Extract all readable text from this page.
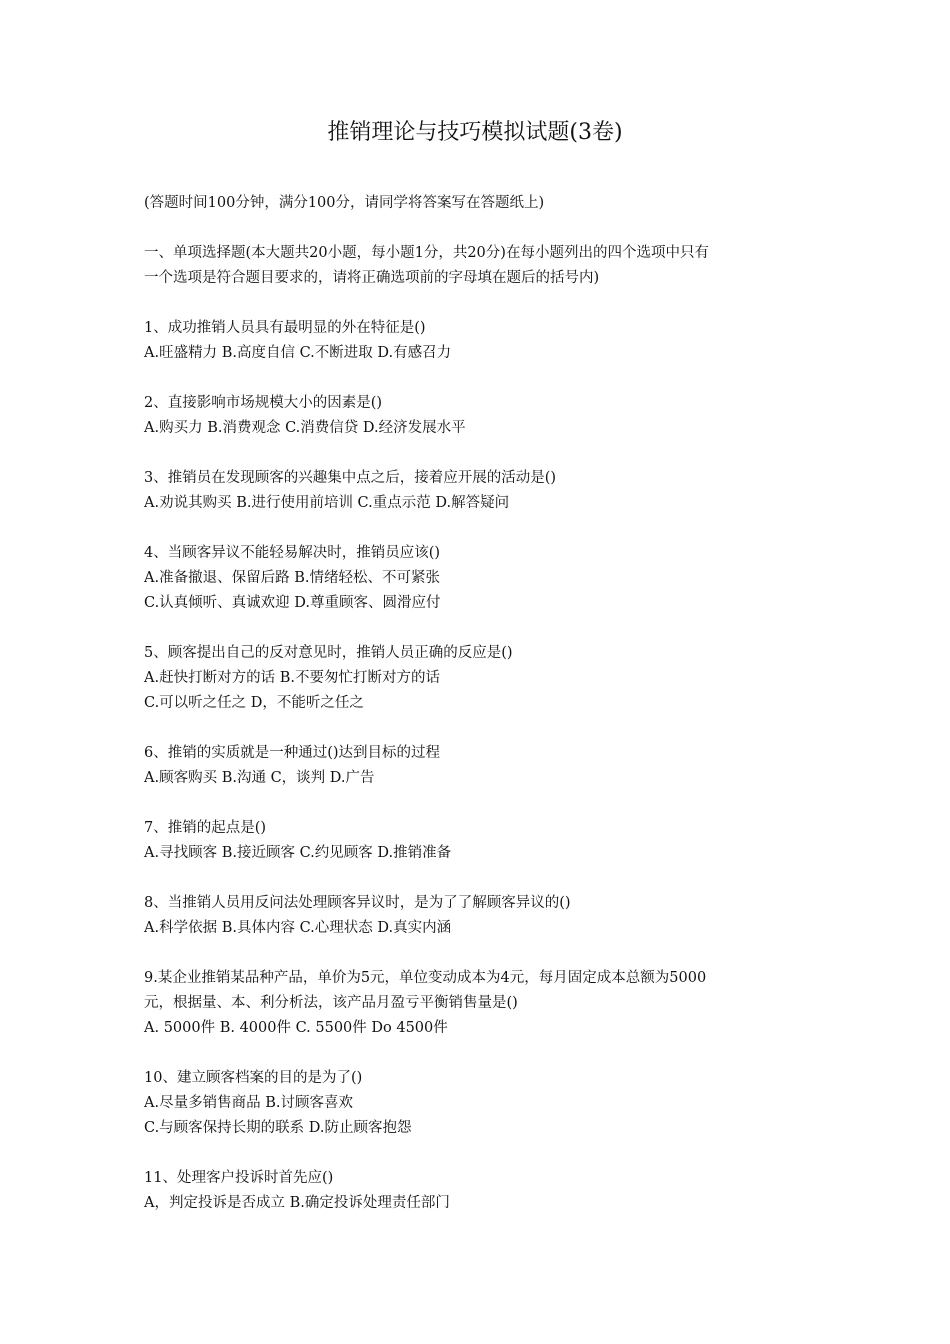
推销理论与技巧模拟试题(3卷)
(答题时间100分钟，满分100分，请同学将答案写在答题纸上)
一、单项选择题(本大题共20小题，每小题1分，共20分)在每小题列出的四个选项中只有
一个选项是符合题目要求的，请将正确选项前的字母填在题后的括号内)
1、成功推销人员具有最明显的外在特征是()
A.旺盛精力 B.高度自信 C.不断进取 D.有感召力
2、直接影响市场规模大小的因素是()
A.购买力 B.消费观念 C.消费信贷 D.经济发展水平
3、推销员在发现顾客的兴趣集中点之后，接着应开展的活动是()
A.劝说其购买 B.进行使用前培训 C.重点示范 D.解答疑问
4、当顾客异议不能轻易解决时，推销员应该()
A.准备撤退、保留后路 B.情绪轻松、不可紧张
C.认真倾听、真诚欢迎 D.尊重顾客、圆滑应付
5、顾客提出自己的反对意见时，推销人员正确的反应是()
A.赶快打断对方的话 B.不要匆忙打断对方的话
C.可以听之任之 D，不能听之任之
6、推销的实质就是一种通过()达到目标的过程
A.顾客购买 B.沟通 C，谈判 D.广告
7、推销的起点是()
A.寻找顾客 B.接近顾客 C.约见顾客 D.推销准备
8、当推销人员用反问法处理顾客异议时，是为了了解顾客异议的()
A.科学依据 B.具体内容 C.心理状态 D.真实内涵
9.某企业推销某品种产品，单价为5元，单位变动成本为4元，每月固定成本总额为5000
元，根据量、本、利分析法，该产品月盈亏平衡销售量是()
A. 5000件 B. 4000件 C. 5500件 Do 4500件
10、建立顾客档案的目的是为了()
A.尽量多销售商品 B.讨顾客喜欢
C.与顾客保持长期的联系 D.防止顾客抱怨
11、处理客户投诉时首先应()
A，判定投诉是否成立 B.确定投诉处理责任部门
